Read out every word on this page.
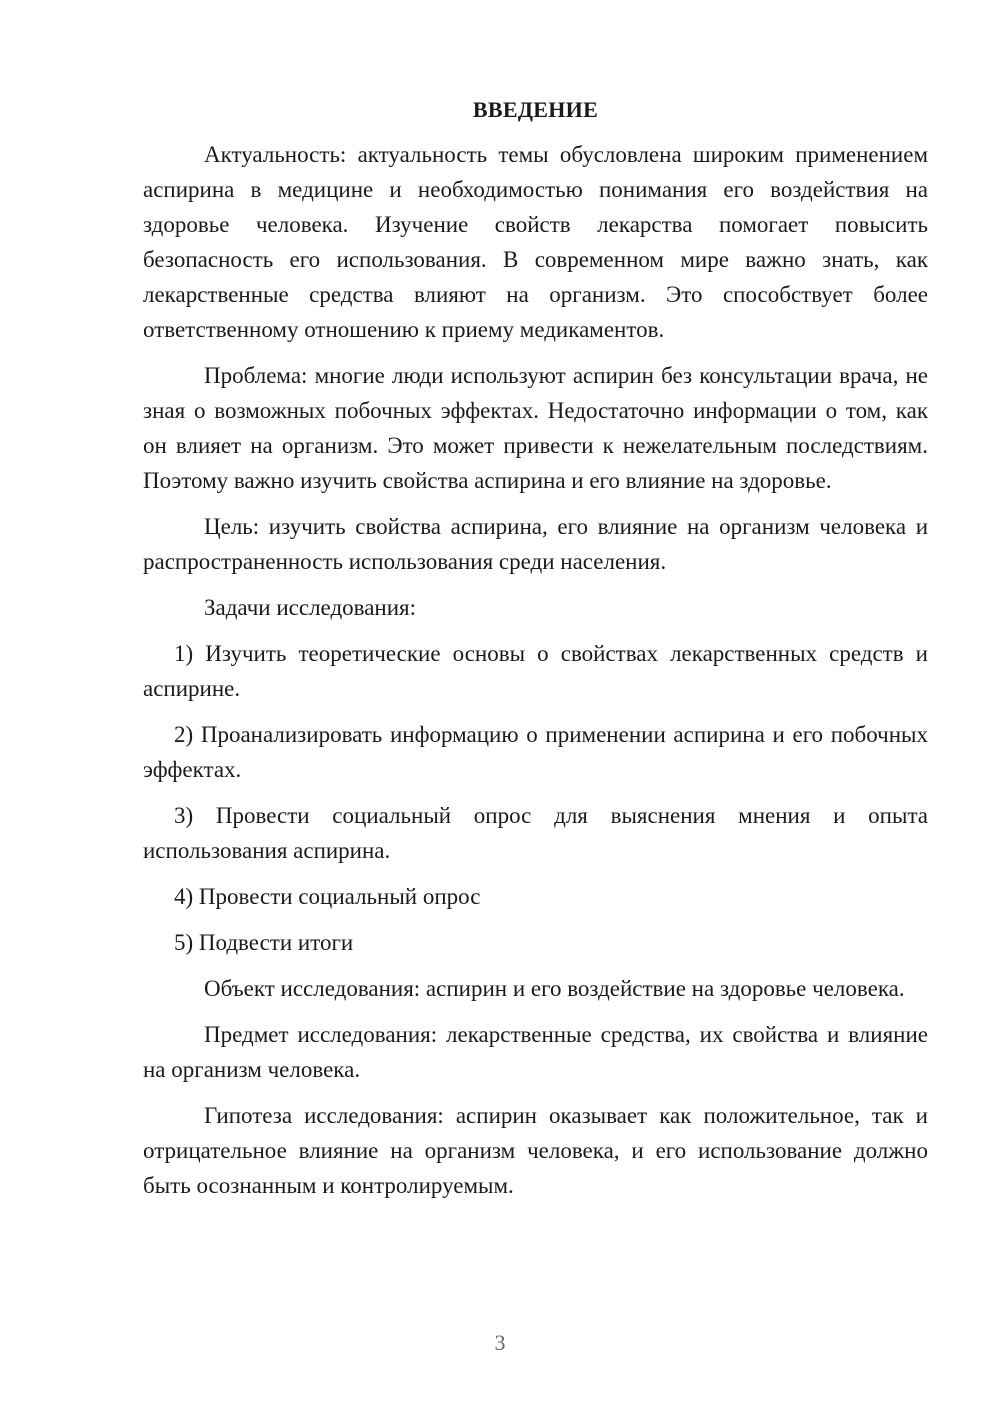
ВВЕДЕНИЕ

Актуальность: актуальность темы обусловлена широким применением аспирина в медицине и необходимостью понимания его воздействия на здоровье человека. Изучение свойств лекарства помогает повысить безопасность его использования. В современном мире важно знать, как лекарственные средства влияют на организм. Это способствует более ответственному отношению к приему медикаментов.

Проблема: многие люди используют аспирин без консультации врача, не зная о возможных побочных эффектах. Недостаточно информации о том, как он влияет на организм. Это может привести к нежелательным последствиям. Поэтому важно изучить свойства аспирина и его влияние на здоровье.

Цель: изучить свойства аспирина, его влияние на организм человека и распространенность использования среди населения.

Задачи исследования:

1) Изучить теоретические основы о свойствах лекарственных средств и аспирине.

2) Проанализировать информацию о применении аспирина и его побочных эффектах.

3) Провести социальный опрос для выяснения мнения и опыта использования аспирина.

4) Провести социальный опрос

5) Подвести итоги

Объект исследования: аспирин и его воздействие на здоровье человека.

Предмет исследования: лекарственные средства, их свойства и влияние на организм человека.

Гипотеза исследования: аспирин оказывает как положительное, так и отрицательное влияние на организм человека, и его использование должно быть осознанным и контролируемым.

3
